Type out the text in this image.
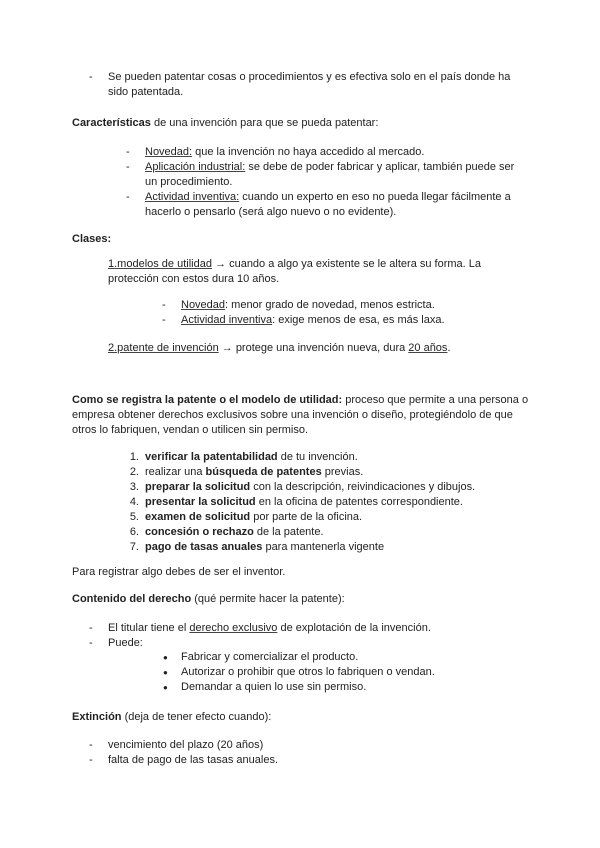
- Se pueden patentar cosas o procedimientos y es efectiva solo en el país donde ha sido patentada.
Características de una invención para que se pueda patentar:
- Novedad: que la invención no haya accedido al mercado.
- Aplicación industrial: se debe de poder fabricar y aplicar, también puede ser un procedimiento.
- Actividad inventiva: cuando un experto en eso no pueda llegar fácilmente a hacerlo o pensarlo (será algo nuevo o no evidente).
Clases:
1.modelos de utilidad → cuando a algo ya existente se le altera su forma. La protección con estos dura 10 años.
- Novedad: menor grado de novedad, menos estricta.
- Actividad inventiva: exige menos de esa, es más laxa.
2.patente de invención → protege una invención nueva, dura 20 años.
Como se registra la patente o el modelo de utilidad: proceso que permite a una persona o empresa obtener derechos exclusivos sobre una invención o diseño, protegiéndolo de que otros lo fabriquen, vendan o utilicen sin permiso.
1. verificar la patentabilidad de tu invención.
2. realizar una búsqueda de patentes previas.
3. preparar la solicitud con la descripción, reivindicaciones y dibujos.
4. presentar la solicitud en la oficina de patentes correspondiente.
5. examen de solicitud por parte de la oficina.
6. concesión o rechazo de la patente.
7. pago de tasas anuales para mantenerla vigente
Para registrar algo debes de ser el inventor.
Contenido del derecho (qué permite hacer la patente):
- El titular tiene el derecho exclusivo de explotación de la invención.
- Puede:
● Fabricar y comercializar el producto.
● Autorizar o prohibir que otros lo fabriquen o vendan.
● Demandar a quien lo use sin permiso.
Extinción (deja de tener efecto cuando):
- vencimiento del plazo (20 años)
- falta de pago de las tasas anuales.
